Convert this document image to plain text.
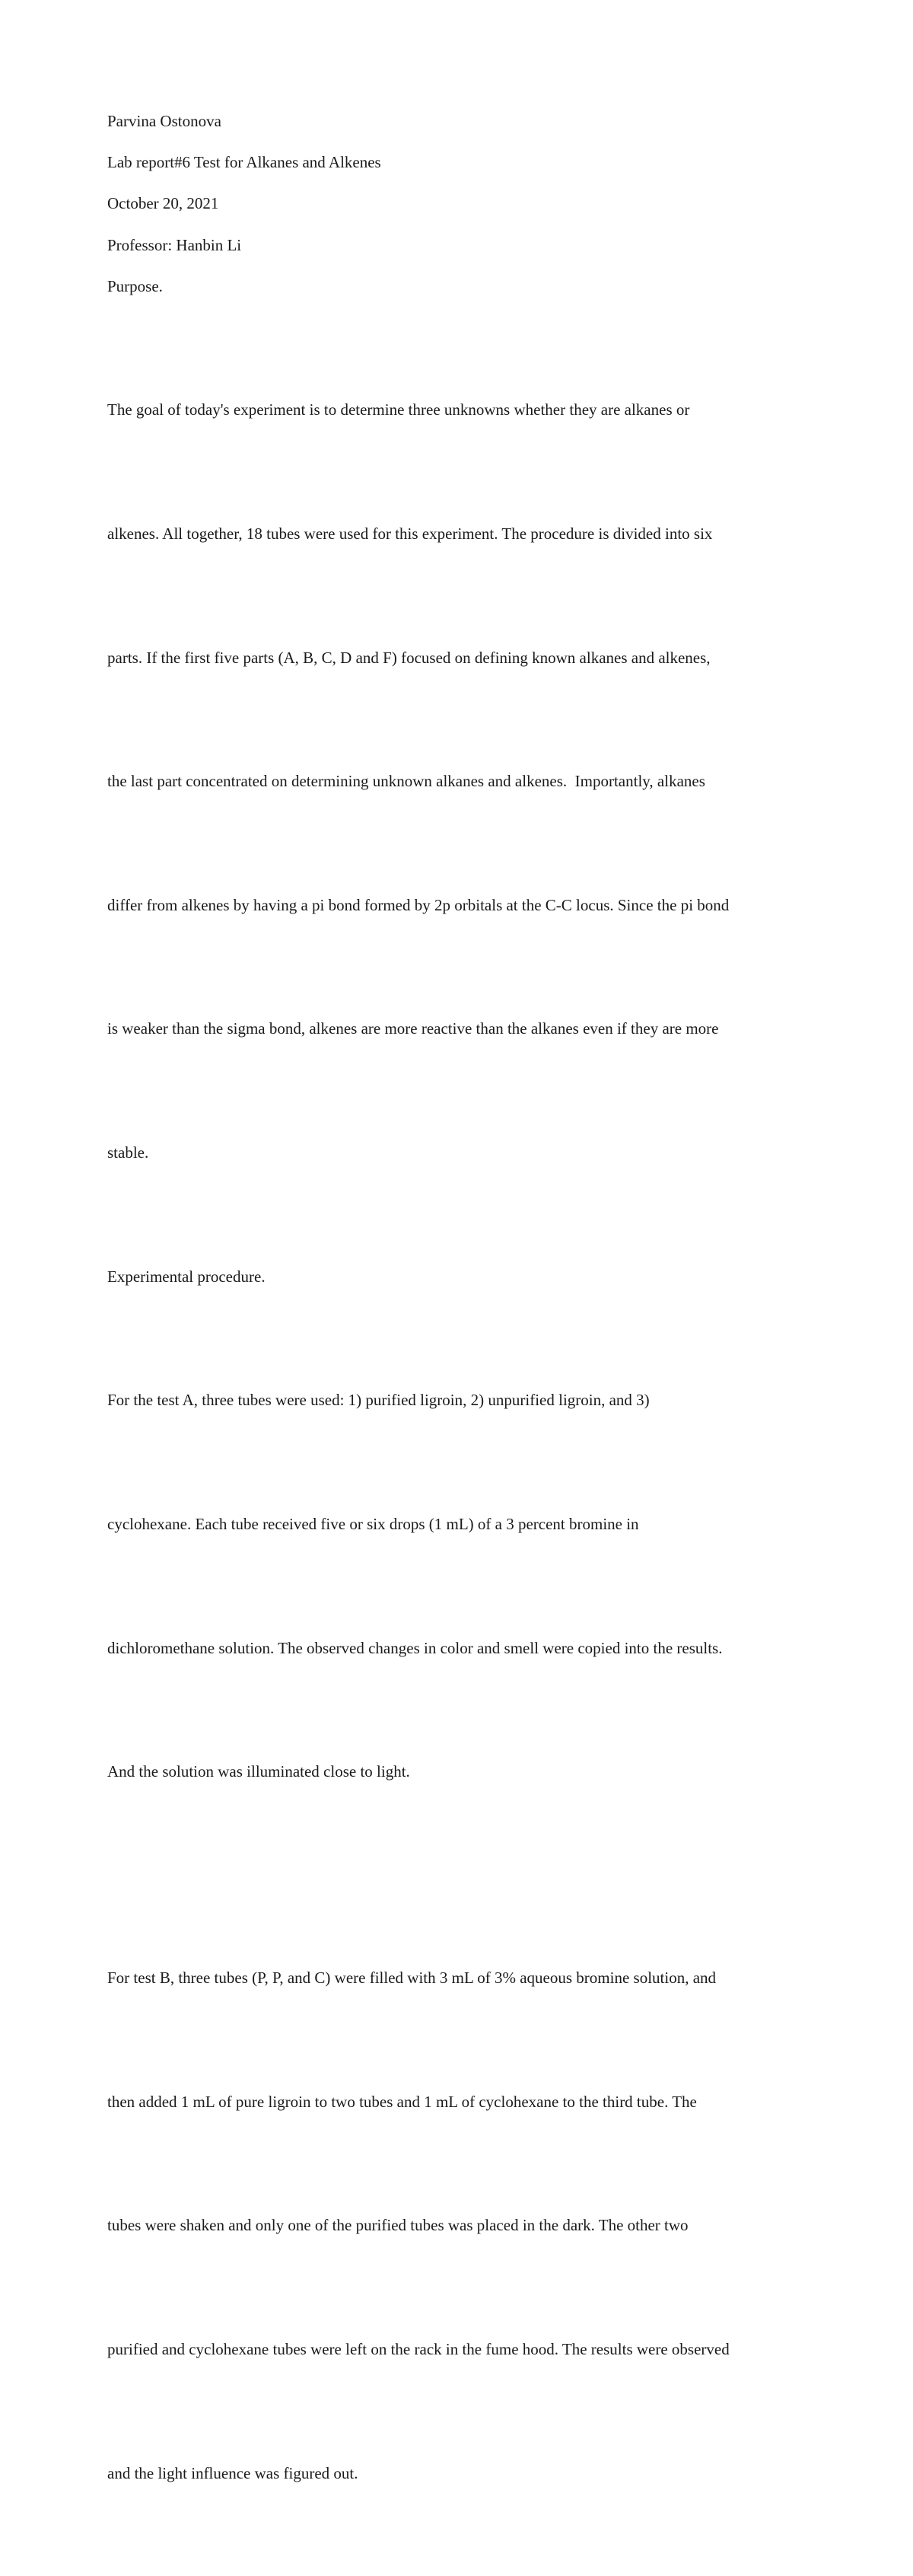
Parvina Ostonova

Lab report#6 Test for Alkanes and Alkenes

October 20, 2021

Professor: Hanbin Li

Purpose.

The goal of today's experiment is to determine three unknowns whether they are alkanes or

alkenes. All together, 18 tubes were used for this experiment. The procedure is divided into six

parts. If the first five parts (A, B, C, D and F) focused on defining known alkanes and alkenes,

the last part concentrated on determining unknown alkanes and alkenes.  Importantly, alkanes

differ from alkenes by having a pi bond formed by 2p orbitals at the C-C locus. Since the pi bond

is weaker than the sigma bond, alkenes are more reactive than the alkanes even if they are more

stable.

Experimental procedure.

For the test A, three tubes were used: 1) purified ligroin, 2) unpurified ligroin, and 3)

cyclohexane. Each tube received five or six drops (1 mL) of a 3 percent bromine in

dichloromethane solution. The observed changes in color and smell were copied into the results.

And the solution was illuminated close to light.

For test B, three tubes (P, P, and C) were filled with 3 mL of 3% aqueous bromine solution, and

then added 1 mL of pure ligroin to two tubes and 1 mL of cyclohexane to the third tube. The

tubes were shaken and only one of the purified tubes was placed in the dark. The other two

purified and cyclohexane tubes were left on the rack in the fume hood. The results were observed

and the light influence was figured out.
